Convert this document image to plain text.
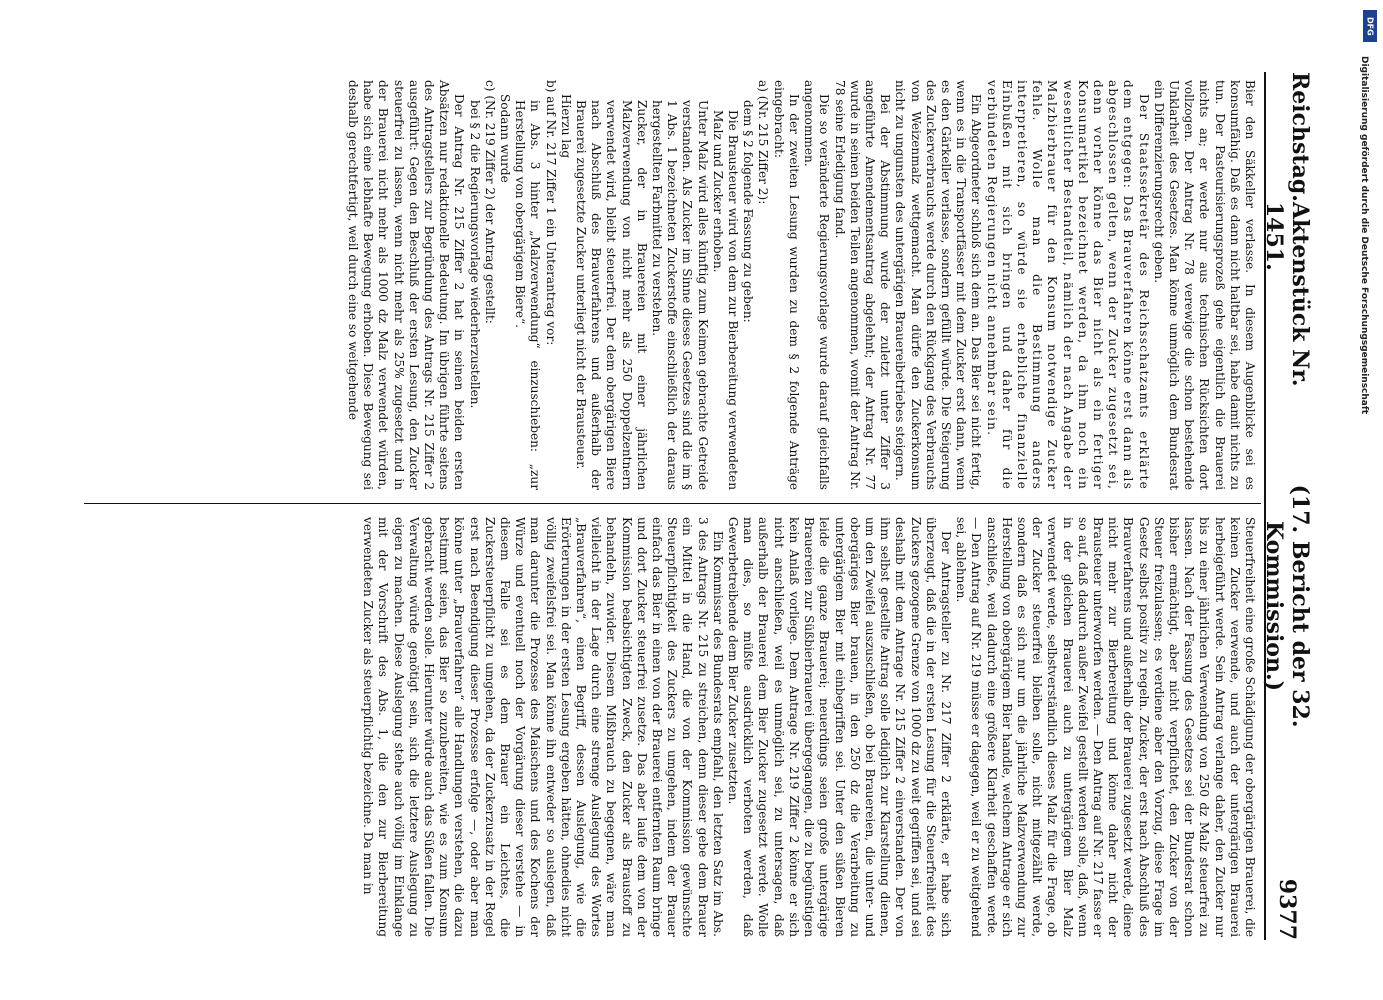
Reichstag.
Aktenstück Nr. 1451.
(17. Bericht der 32. Kommission.)
9377

Bier den Säkkeller verlasse. In diesem Augenblicke sei es konsumfähig. Daß es dann nicht haltbar sei, habe damit nichts zu tun. Der Pasteurisierungsprozeß gehe eigentlich die Brauerei nichts an; er werde nur aus technischen Rücksichten dort vollzogen. Der Antrag Nr. 78 verewige die schon bestehende Unklarheit des Gesetzes. Man könne unmöglich dem Bundesrat ein Differenzierungsrecht geben.

Der Staatssekretär des Reichsschatzamts erklärte dem entgegen: Das Brauverfahren könne erst dann als abgeschlossen gelten, wenn der Zucker zugesetzt sei, denn vorher könne das Bier nicht als ein fertiger Konsumartikel bezeichnet werden, da ihm noch ein wesentlicher Bestandteil, nämlich der nach Angabe der Malzbierbrauer für den Konsum notwendige Zucker fehle. Wolle man die Bestimmung anders interpretieren, so würde sie erhebliche finanzielle Einbußen mit sich bringen und daher für die verbündeten Regierungen nicht annehmbar sein.

Ein Abgeordneter schloß sich dem an. Das Bier sei nicht fertig, wenn es in die Transportfässer mit dem Zucker erst dann, wenn es den Gärkeller verlasse, sondern gefüllt würde. Die Steigerung des Zuckerverbrauchs werde durch den Rückgang des Verbrauchs von Weizenmalz wettgemacht. Man dürfe den Zuckerkonsum nicht zu ungunsten des untergärigen Brauereibetriebes steigern.

Bei der Abstimmung wurde der zuletzt unter Ziffer 3 angeführte Amendementsantrag abgelehnt; der Antrag Nr. 77 wurde in seinen beiden Teilen angenommen, womit der Antrag Nr. 78 seine Erledigung fand.

Die so veränderte Regierungsvorlage wurde darauf gleichfalls angenommen.

In der zweiten Lesung wurden zu dem § 2 folgende Anträge eingebracht:

a) (Nr. 215 Ziffer 2):

dem § 2 folgende Fassung zu geben:

Die Brausteuer wird von dem zur Bierbereitung verwendeten Malz und Zucker erhoben.

Unter Malz wird alles künftig zum Keimen gebrachte Getreide verstanden. Als Zucker im Sinne dieses Gesetzes sind die im § 1 Abs. 1 bezeichneten Zuckerstoffe einschließlich der daraus hergestellten Farbmittel zu verstehen.

Zucker, der in Brauereien mit einer jährlichen Malzverwendung von nicht mehr als 250 Doppelzentnern verwendet wird, bleibt steuerfrei. Der dem obergärigen Biere nach Abschluß des Brauverfahrens und außerhalb der Brauerei zugesetzte Zucker unterliegt nicht der Brausteuer.

Hierzu lag

b) auf Nr. 217 Ziffer 1 ein Unterantrag vor:

in Abs. 3 hinter „Malzverwendung“ einzuschieben: „zur Herstellung von obergärigem Biere“.

Sodann wurde

c) (Nr. 219 Ziffer 2) der Antrag gestellt:

bei § 2 die Regierungsvorlage wiederherzustellen.

Der Antrag Nr. 215 Ziffer 2 hat in seinen beiden ersten Absätzen nur redaktionelle Bedeutung. Im übrigen führte seitens des Antragstellers zur Begründung des Antrags Nr. 215 Ziffer 2 ausgeführt: Gegen den Beschluß der ersten Lesung, den Zucker steuerfrei zu lassen, wenn nicht mehr als 25% zugesetzt und in der Brauerei nicht mehr als 1000 dz Malz verwendet würden, habe sich eine lebhafte Bewegung erhoben. Diese Bewegung sei deshalb gerechtfertigt, weil durch eine so weitgehende

Steuerfreiheit eine große Schädigung der obergärigen Brauerei, die keinen Zucker verwende, und auch der untergärigen Brauerei herbeigeführt werde. Sein Antrag verlange daher, den Zucker nur bis zu einer jährlichen Verwendung von 250 dz Malz steuerfrei zu lassen. Nach der Fassung des Gesetzes sei der Bundesrat schon bisher ermächtigt, aber nicht verpflichtet, den Zucker von der Steuer freizulassen; es verdiene aber den Vorzug, diese Frage im Gesetz selbst positiv zu regeln. Zucker, der erst nach Abschluß des Brauverfahrens und außerhalb der Brauerei zugesetzt werde, diene nicht mehr zur Bierbereitung und könne daher nicht der Brausteuer unterworfen werden. — Den Antrag auf Nr. 217 fasse er so auf, daß dadurch außer Zweifel gestellt werden solle, daß, wenn in der gleichen Brauerei auch zu untergärigem Bier Malz verwendet werde, selbstverständlich dieses Malz für die Frage, ob der Zucker steuerfrei bleiben solle, nicht mitgezählt werde, sondern daß es sich nur um die jährliche Malzverwendung zur Herstellung von obergärigem Bier handle, welchem Antrage er sich anschließe, weil dadurch eine größere Klarheit geschaffen werde. — Den Antrag auf Nr. 219 müsse er dagegen, weil er zu weitgehend sei, ablehnen.

Der Antragsteller zu Nr. 217 Ziffer 2 erklärte, er habe sich überzeugt, daß die in der ersten Lesung für die Steuerfreiheit des Zuckers gezogene Grenze von 1000 dz zu weit gegriffen sei, und sei deshalb mit dem Antrage Nr. 215 Ziffer 2 einverstanden. Der von ihm selbst gestellte Antrag solle lediglich zur Klarstellung dienen, um den Zweifel auszuschließen, ob bei Brauereien, die unter- und obergäriges Bier brauen, in den 250 dz die Verarbeitung zu untergärigem Bier mit einbegriffen sei. Unter den süßen Bieren leide die ganze Brauerei; neuerdings seien große untergärige Brauereien zur Süßbierbrauerei übergegangen, die zu begünstigen kein Anlaß vorliege. Dem Antrage Nr. 219 Ziffer 2 könne er sich nicht anschließen, weil es unmöglich sei, zu untersagen, daß außerhalb der Brauerei dem Bier Zucker zugesetzt werde. Wolle man dies, so müßte ausdrücklich verboten werden, daß Gewerbetreibende dem Bier Zucker zusetzten.

Ein Kommissar des Bundesrats empfahl, den letzten Satz im Abs. 3 des Antrags Nr. 215 zu streichen, denn dieser gebe dem Brauer ein Mittel in die Hand, die von der Kommission gewünschte Steuerpflichtigkeit des Zuckers zu umgehen, indem der Brauer einfach das Bier in einen von der Brauerei entfernten Raum bringe und dort Zucker steuerfrei zusetze. Das aber laufe dem von der Kommission beabsichtigten Zweck, den Zucker als Braustoff zu behandeln, zuwider. Diesem Mißbrauch zu begegnen, wäre man vielleicht in der Lage durch eine strenge Auslegung des Wortes „Brauverfahren“, einen Begriff, dessen Auslegung, wie die Erörterungen in der ersten Lesung ergeben hätten, ohnedies nicht völlig zweifelsfrei sei. Man könne ihn entweder so auslegen, daß man darunter die Prozesse des Maischens und des Kochens der Würze und eventuell noch der Vorgärung dieser verstehe — in diesem Falle sei es dem Brauer ein Leichtes, die Zuckersteuerpflicht zu umgehen, da der Zuckerzusatz in der Regel erst nach Beendigung dieser Prozesse erfolge —, oder aber man könne unter „Brauverfahren“ alle Handlungen verstehen, die dazu bestimmt seien, das Bier so zuzubereiten, wie es zum Konsum gebracht werden solle. Hierunter würde auch das Süßen fallen. Die Verwaltung würde genötigt sein, sich die letztere Auslegung zu eigen zu machen. Diese Auslegung stehe auch völlig im Einklange mit der Vorschrift des Abs. 1, die den zur Bierbereitung verwendeten Zucker als steuerpflichtig bezeichne. Da man in

DFG
Digitalisierung gefördert durch die Deutsche Forschungsgemeinschaft
